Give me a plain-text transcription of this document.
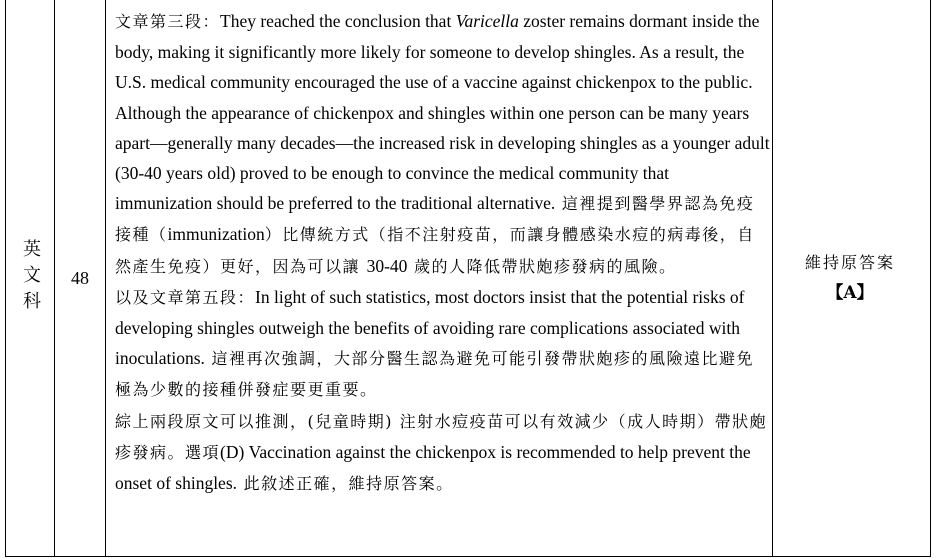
英文科 48

文章第三段：They reached the conclusion that Varicella zoster remains dormant inside the body, making it significantly more likely for someone to develop shingles. As a result, the U.S. medical community encouraged the use of a vaccine against chickenpox to the public. Although the appearance of chickenpox and shingles within one person can be many years apart—generally many decades—the increased risk in developing shingles as a younger adult (30-40 years old) proved to be enough to convince the medical community that immunization should be preferred to the traditional alternative. 這裡提到醫學界認為免疫接種（immunization）比傳統方式（指不注射疫苗，而讓身體感染水痘的病毒後，自然產生免疫）更好，因為可以讓 30-40 歲的人降低帶狀皰疹發病的風險。

以及文章第五段：In light of such statistics, most doctors insist that the potential risks of developing shingles outweigh the benefits of avoiding rare complications associated with inoculations. 這裡再次強調，大部分醫生認為避免可能引發帶狀皰疹的風險遠比避免極為少數的接種併發症要更重要。

綜上兩段原文可以推測，(兒童時期) 注射水痘疫苗可以有效減少（成人時期）帶狀皰疹發病。選項(D) Vaccination against the chickenpox is recommended to help prevent the onset of shingles. 此敘述正確，維持原答案。

維持原答案
【A】
